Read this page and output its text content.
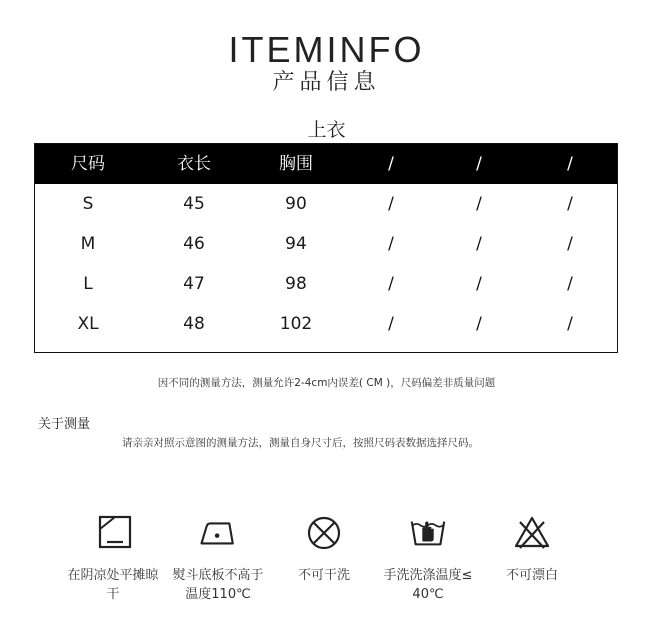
ITEMINFO
产品信息
上衣
尺码	衣长	胸围	/	/	/
S	45	90	/	/	/
M	46	94	/	/	/
L	47	98	/	/	/
XL	48	102	/	/	/
因不同的测量方法，测量允许2-4cm内误差( CM )，尺码偏差非质量问题
关于测量
请亲亲对照示意图的测量方法，测量自身尺寸后，按照尺码表数据选择尺码。
在阴凉处平摊晾
干
熨斗底板不高于
温度110℃
不可干洗	手洗洗涤温度≤
40℃
不可漂白
